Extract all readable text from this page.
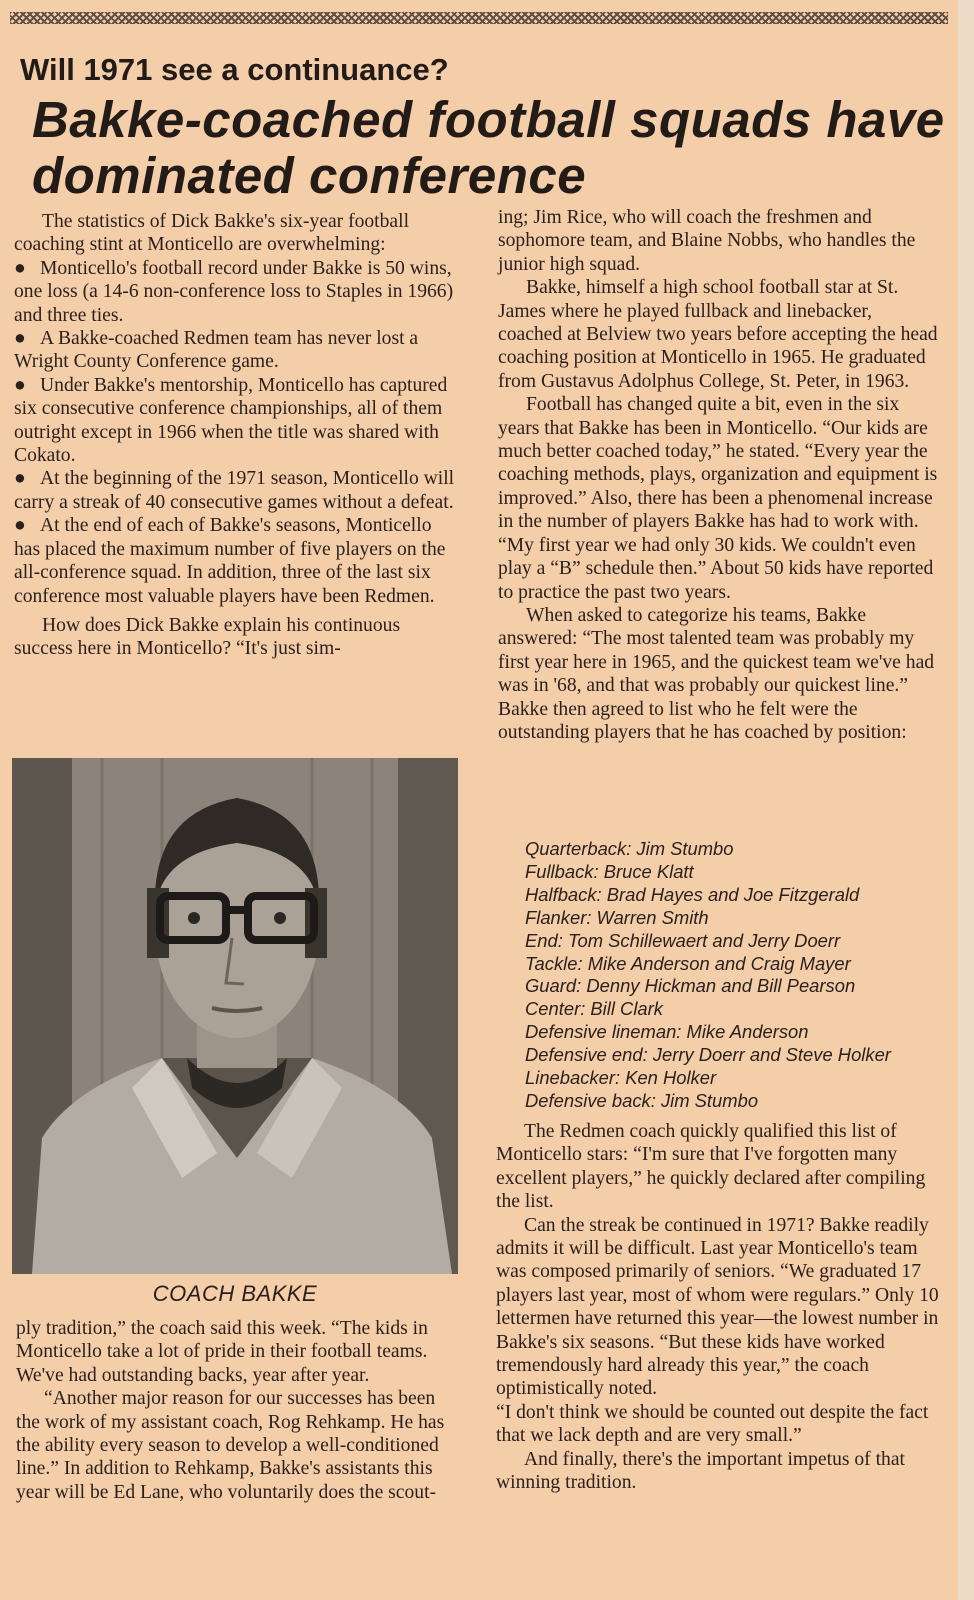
Will 1971 see a continuance?
Bakke-coached football squads have dominated conference

The statistics of Dick Bakke's six-year football coaching stint at Monticello are overwhelming:

● Monticello's football record under Bakke is 50 wins, one loss (a 14-6 non-conference loss to Staples in 1966) and three ties.

● A Bakke-coached Redmen team has never lost a Wright County Conference game.

● Under Bakke's mentorship, Monticello has captured six consecutive conference championships, all of them outright except in 1966 when the title was shared with Cokato.

● At the beginning of the 1971 season, Monticello will carry a streak of 40 consecutive games without a defeat.

● At the end of each of Bakke's seasons, Monticello has placed the maximum number of five players on the all-conference squad. In addition, three of the last six conference most valuable players have been Redmen.

How does Dick Bakke explain his continuous success here in Monticello? “It's just sim-

COACH BAKKE

ply tradition,” the coach said this week. “The kids in Monticello take a lot of pride in their football teams. We've had outstanding backs, year after year.

“Another major reason for our successes has been the work of my assistant coach, Rog Rehkamp. He has the ability every season to develop a well-conditioned line.” In addition to Rehkamp, Bakke's assistants this year will be Ed Lane, who voluntarily does the scout-

ing; Jim Rice, who will coach the freshmen and sophomore team, and Blaine Nobbs, who handles the junior high squad.

Bakke, himself a high school football star at St. James where he played fullback and linebacker, coached at Belview two years before accepting the head coaching position at Monticello in 1965. He graduated from Gustavus Adolphus College, St. Peter, in 1963.

Football has changed quite a bit, even in the six years that Bakke has been in Monticello. “Our kids are much better coached today,” he stated. “Every year the coaching methods, plays, organization and equipment is improved.” Also, there has been a phenomenal increase in the number of players Bakke has had to work with. “My first year we had only 30 kids. We couldn't even play a “B” schedule then.” About 50 kids have reported to practice the past two years.

When asked to categorize his teams, Bakke answered: “The most talented team was probably my first year here in 1965, and the quickest team we've had was in '68, and that was probably our quickest line.” Bakke then agreed to list who he felt were the outstanding players that he has coached by position:

Quarterback: Jim Stumbo
Fullback: Bruce Klatt
Halfback: Brad Hayes and Joe Fitzgerald
Flanker: Warren Smith
End: Tom Schillewaert and Jerry Doerr
Tackle: Mike Anderson and Craig Mayer
Guard: Denny Hickman and Bill Pearson
Center: Bill Clark
Defensive lineman: Mike Anderson
Defensive end: Jerry Doerr and Steve Holker
Linebacker: Ken Holker
Defensive back: Jim Stumbo

The Redmen coach quickly qualified this list of Monticello stars: “I'm sure that I've forgotten many excellent players,” he quickly declared after compiling the list.

Can the streak be continued in 1971? Bakke readily admits it will be difficult. Last year Monticello's team was composed primarily of seniors. “We graduated 17 players last year, most of whom were regulars.” Only 10 lettermen have returned this year—the lowest number in Bakke's six seasons. “But these kids have worked tremendously hard already this year,” the coach optimistically noted.

“I don't think we should be counted out despite the fact that we lack depth and are very small.”

And finally, there's the important impetus of that winning tradition.
